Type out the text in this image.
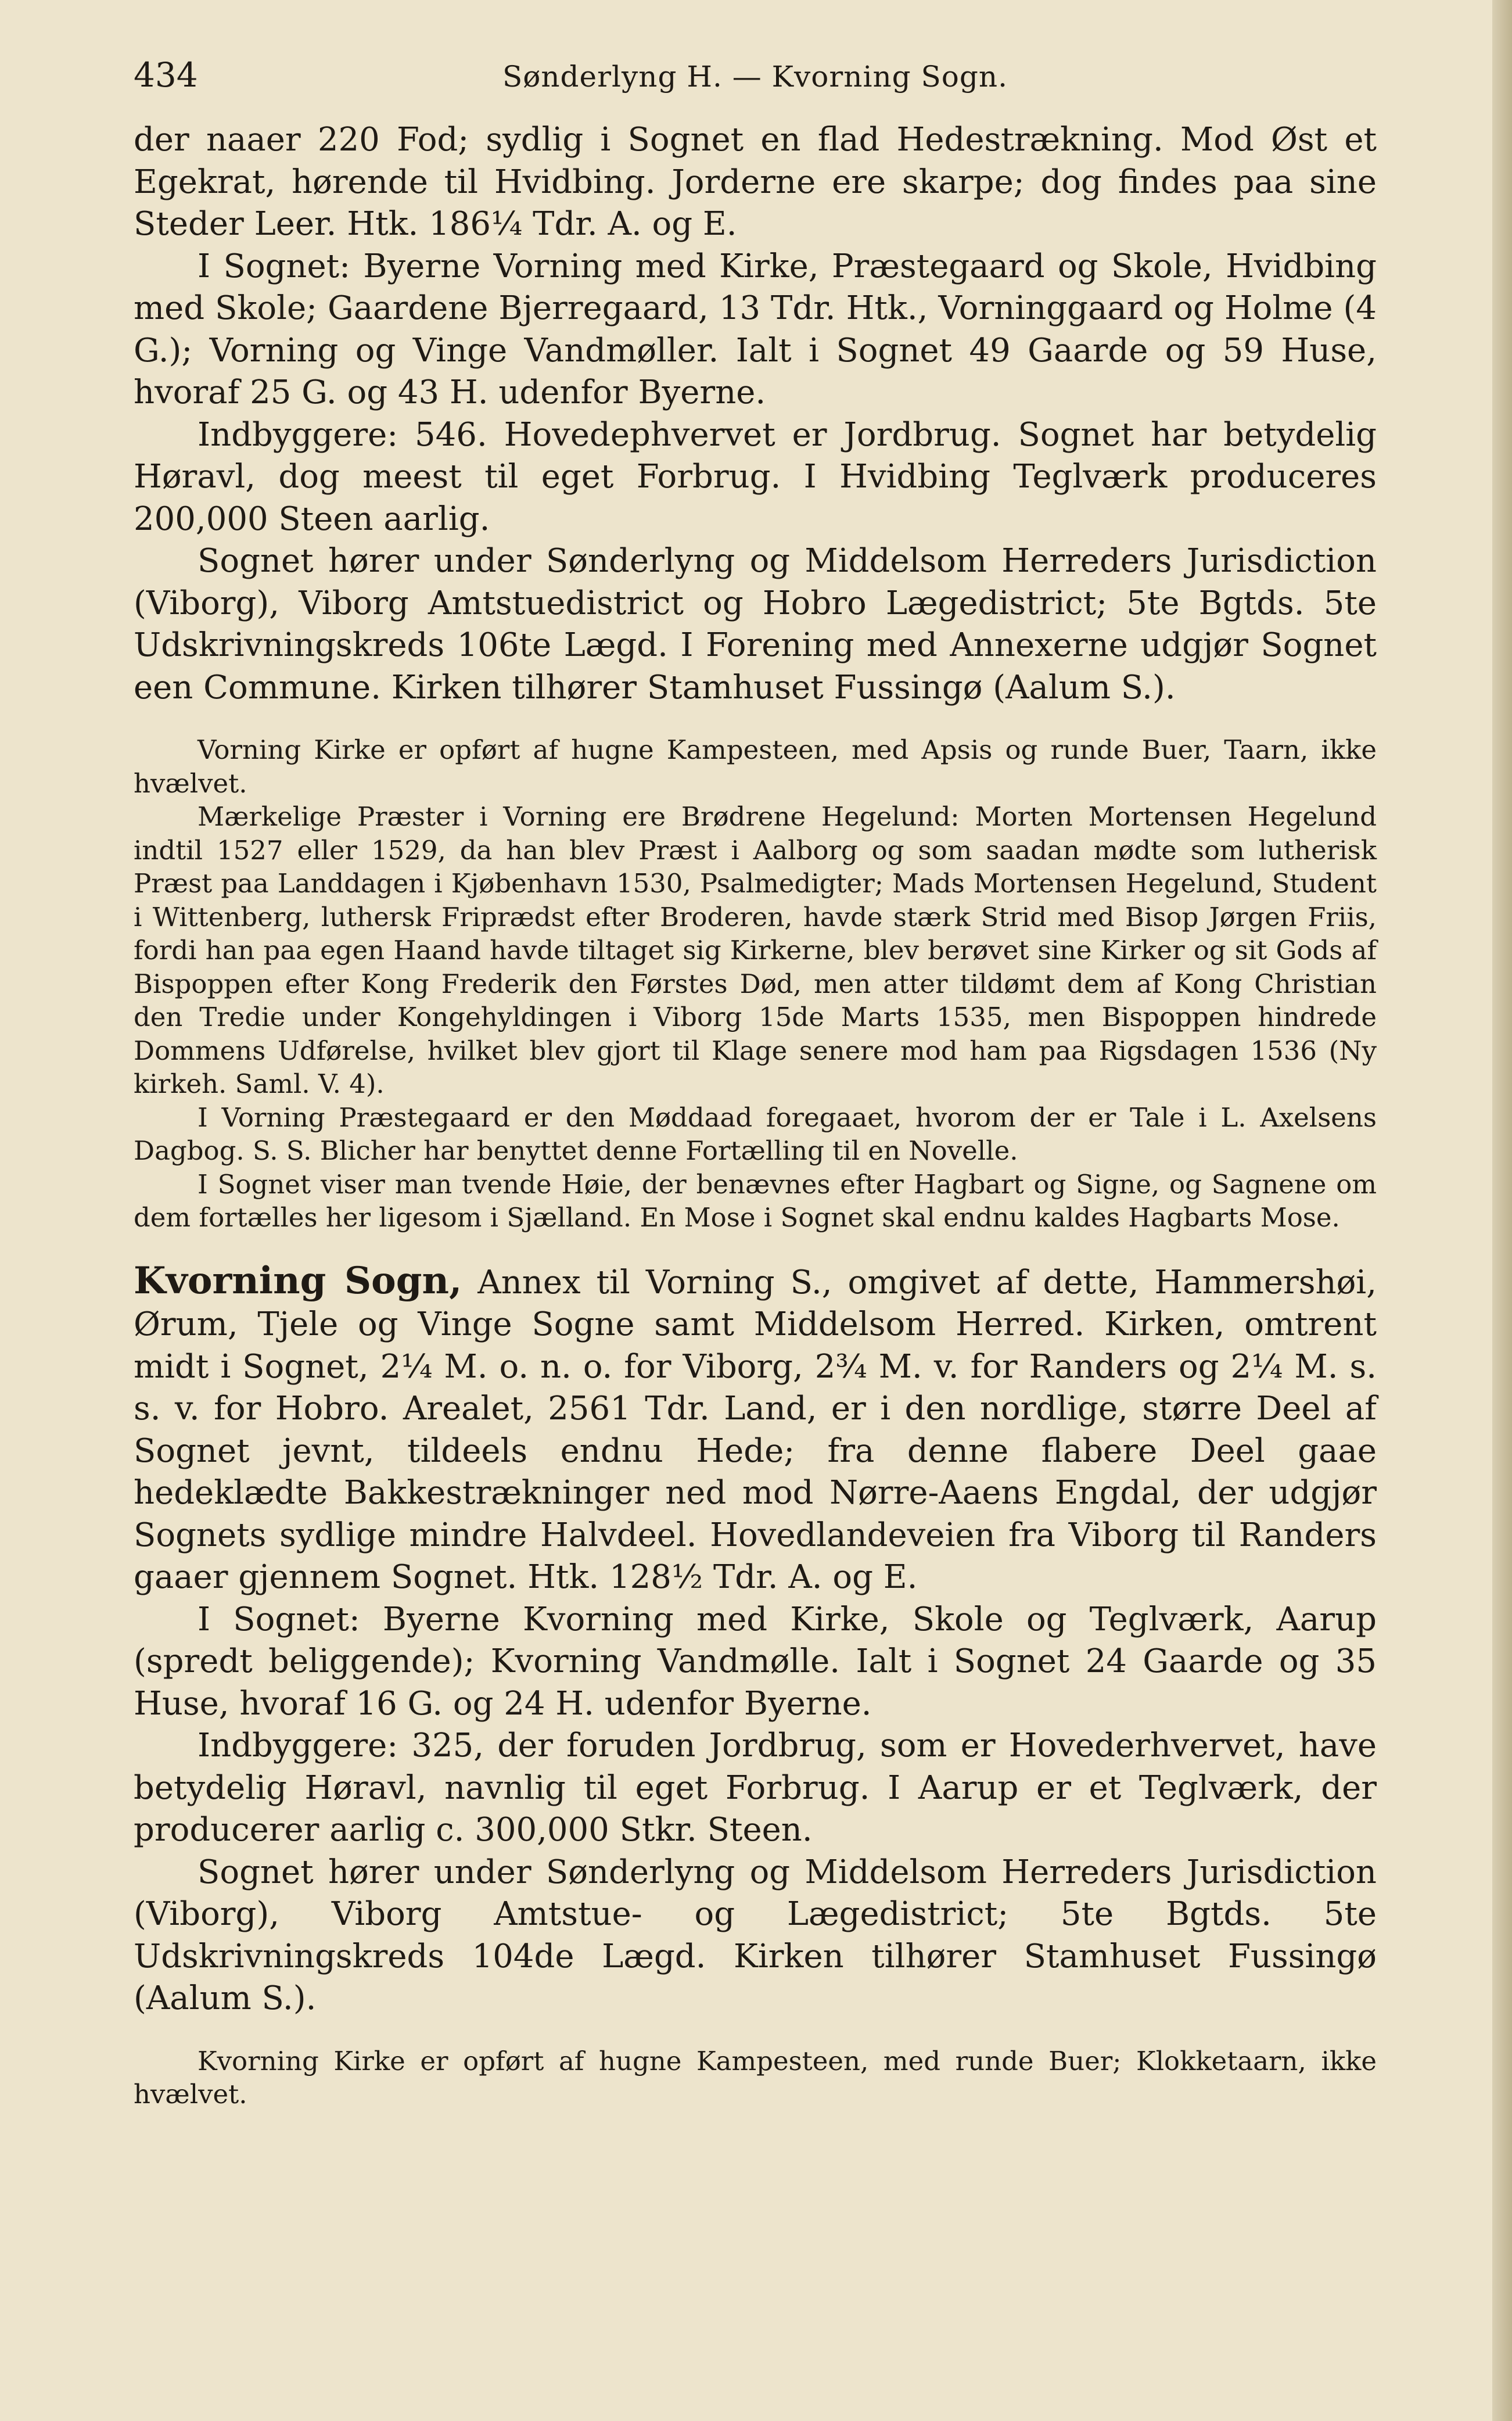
434	Sønderlyng H. — Kvorning Sogn.

der naaer 220 Fod; sydlig i Sognet en flad Hedestrækning. Mod Øst et Egekrat, hørende til Hvidbing. Jorderne ere skarpe; dog findes paa sine Steder Leer. Htk. 186¼ Tdr. A. og E.

I Sognet: Byerne Vorning med Kirke, Præstegaard og Skole, Hvidbing med Skole; Gaardene Bjerregaard, 13 Tdr. Htk., Vorninggaard og Holme (4 G.); Vorning og Vinge Vandmøller. Ialt i Sognet 49 Gaarde og 59 Huse, hvoraf 25 G. og 43 H. udenfor Byerne.

Indbyggere: 546. Hovedерhvervet er Jordbrug. Sognet har betydelig Høravl, dog meest til eget Forbrug. I Hvidbing Teglværk producеres 200,000 Steen aarlig.

Sognet hører under Sønderlyng og Middelsom Herreders Jurisdiction (Viborg), Viborg Amtstuedistrict og Hobro Lægedistrict; 5te Bgtds. 5te Udskrivningskreds 106te Lægd. I Forening med Annexerne udgjør Sognet een Commune. Kirken tilhører Stamhuset Fussingø (Aalum S.).

Vorning Kirke er opført af hugne Kampesteen, med Apsis og runde Buer, Taarn, ikke hvælvet.

Mærkelige Præster i Vorning ere Brødrene Hegelund: Morten Mortensen Hegelund indtil 1527 eller 1529, da han blev Præst i Aalborg og som saadan mødte som lutherisk Præst paa Landdagen i Kjøbenhavn 1530, Psalmedigter; Mads Mortensen Hegelund, Student i Wittenberg, luthersk Friprædst efter Broderen, havde stærk Strid med Bisop Jørgen Friis, fordi han paa egen Haand havde tiltaget sig Kirkerne, blev berøvet sine Kirker og sit Gods af Bispoppen efter Kong Frederik den Førstes Død, men atter tildømt dem af Kong Christian den Tredie under Kongehyldingen i Viborg 15de Marts 1535, men Bispoppen hindrede Dommens Udførelse, hvilket blev gjort til Klage senere mod ham paa Rigsdagen 1536 (Ny kirkeh. Saml. V. 4).

I Vorning Præstegaard er den Møddaad foregaaet, hvorom der er Tale i L. Axelsens Dagbog. S. S. Blicher har benyttet denne Fortælling til en Novelle.

I Sognet viser man tvende Høie, der benævnes efter Hagbart og Signe, og Sagnene om dem fortælles her ligesom i Sjælland. En Mose i Sognet skal endnu kaldes Hagbarts Mose.

Kvorning Sogn, Annex til Vorning S., omgivet af dette, Hammershøi, Ørum, Tjele og Vinge Sogne samt Middelsom Herred. Kirken, omtrent midt i Sognet, 2¼ M. o. n. o. for Viborg, 2¾ M. v. for Randers og 2¼ M. s. s. v. for Hobro. Arealet, 2561 Tdr. Land, er i den nordlige, større Deel af Sognet jevnt, tildeels endnu Hede; fra denne flabere Deel gaae hedeklædte Bakkestrækninger ned mod Nørre-Aaens Engdal, der udgjør Sognets sydlige mindre Halvdeel. Hovedlandeveien fra Viborg til Randers gaaer gjennem Sognet. Htk. 128½ Tdr. A. og E.

I Sognet: Byerne Kvorning med Kirke, Skole og Teglværk, Aarup (spredt beliggende); Kvorning Vandmølle. Ialt i Sognet 24 Gaarde og 35 Huse, hvoraf 16 G. og 24 H. udenfor Byerne.

Indbyggere: 325, der foruden Jordbrug, som er Hovederhvervet, have betydelig Høravl, navnlig til eget Forbrug. I Aarup er et Teglværk, der producerer aarlig c. 300,000 Stkr. Steen.

Sognet hører under Sønderlyng og Middelsom Herreders Jurisdiction (Viborg), Viborg Amtstue- og Lægedistrict; 5te Bgtds. 5te Udskrivningskreds 104de Lægd. Kirken tilhører Stamhuset Fussingø (Aalum S.).

Kvorning Kirke er opført af hugne Kampesteen, med runde Buer; Klokketaarn, ikke hvælvet.
